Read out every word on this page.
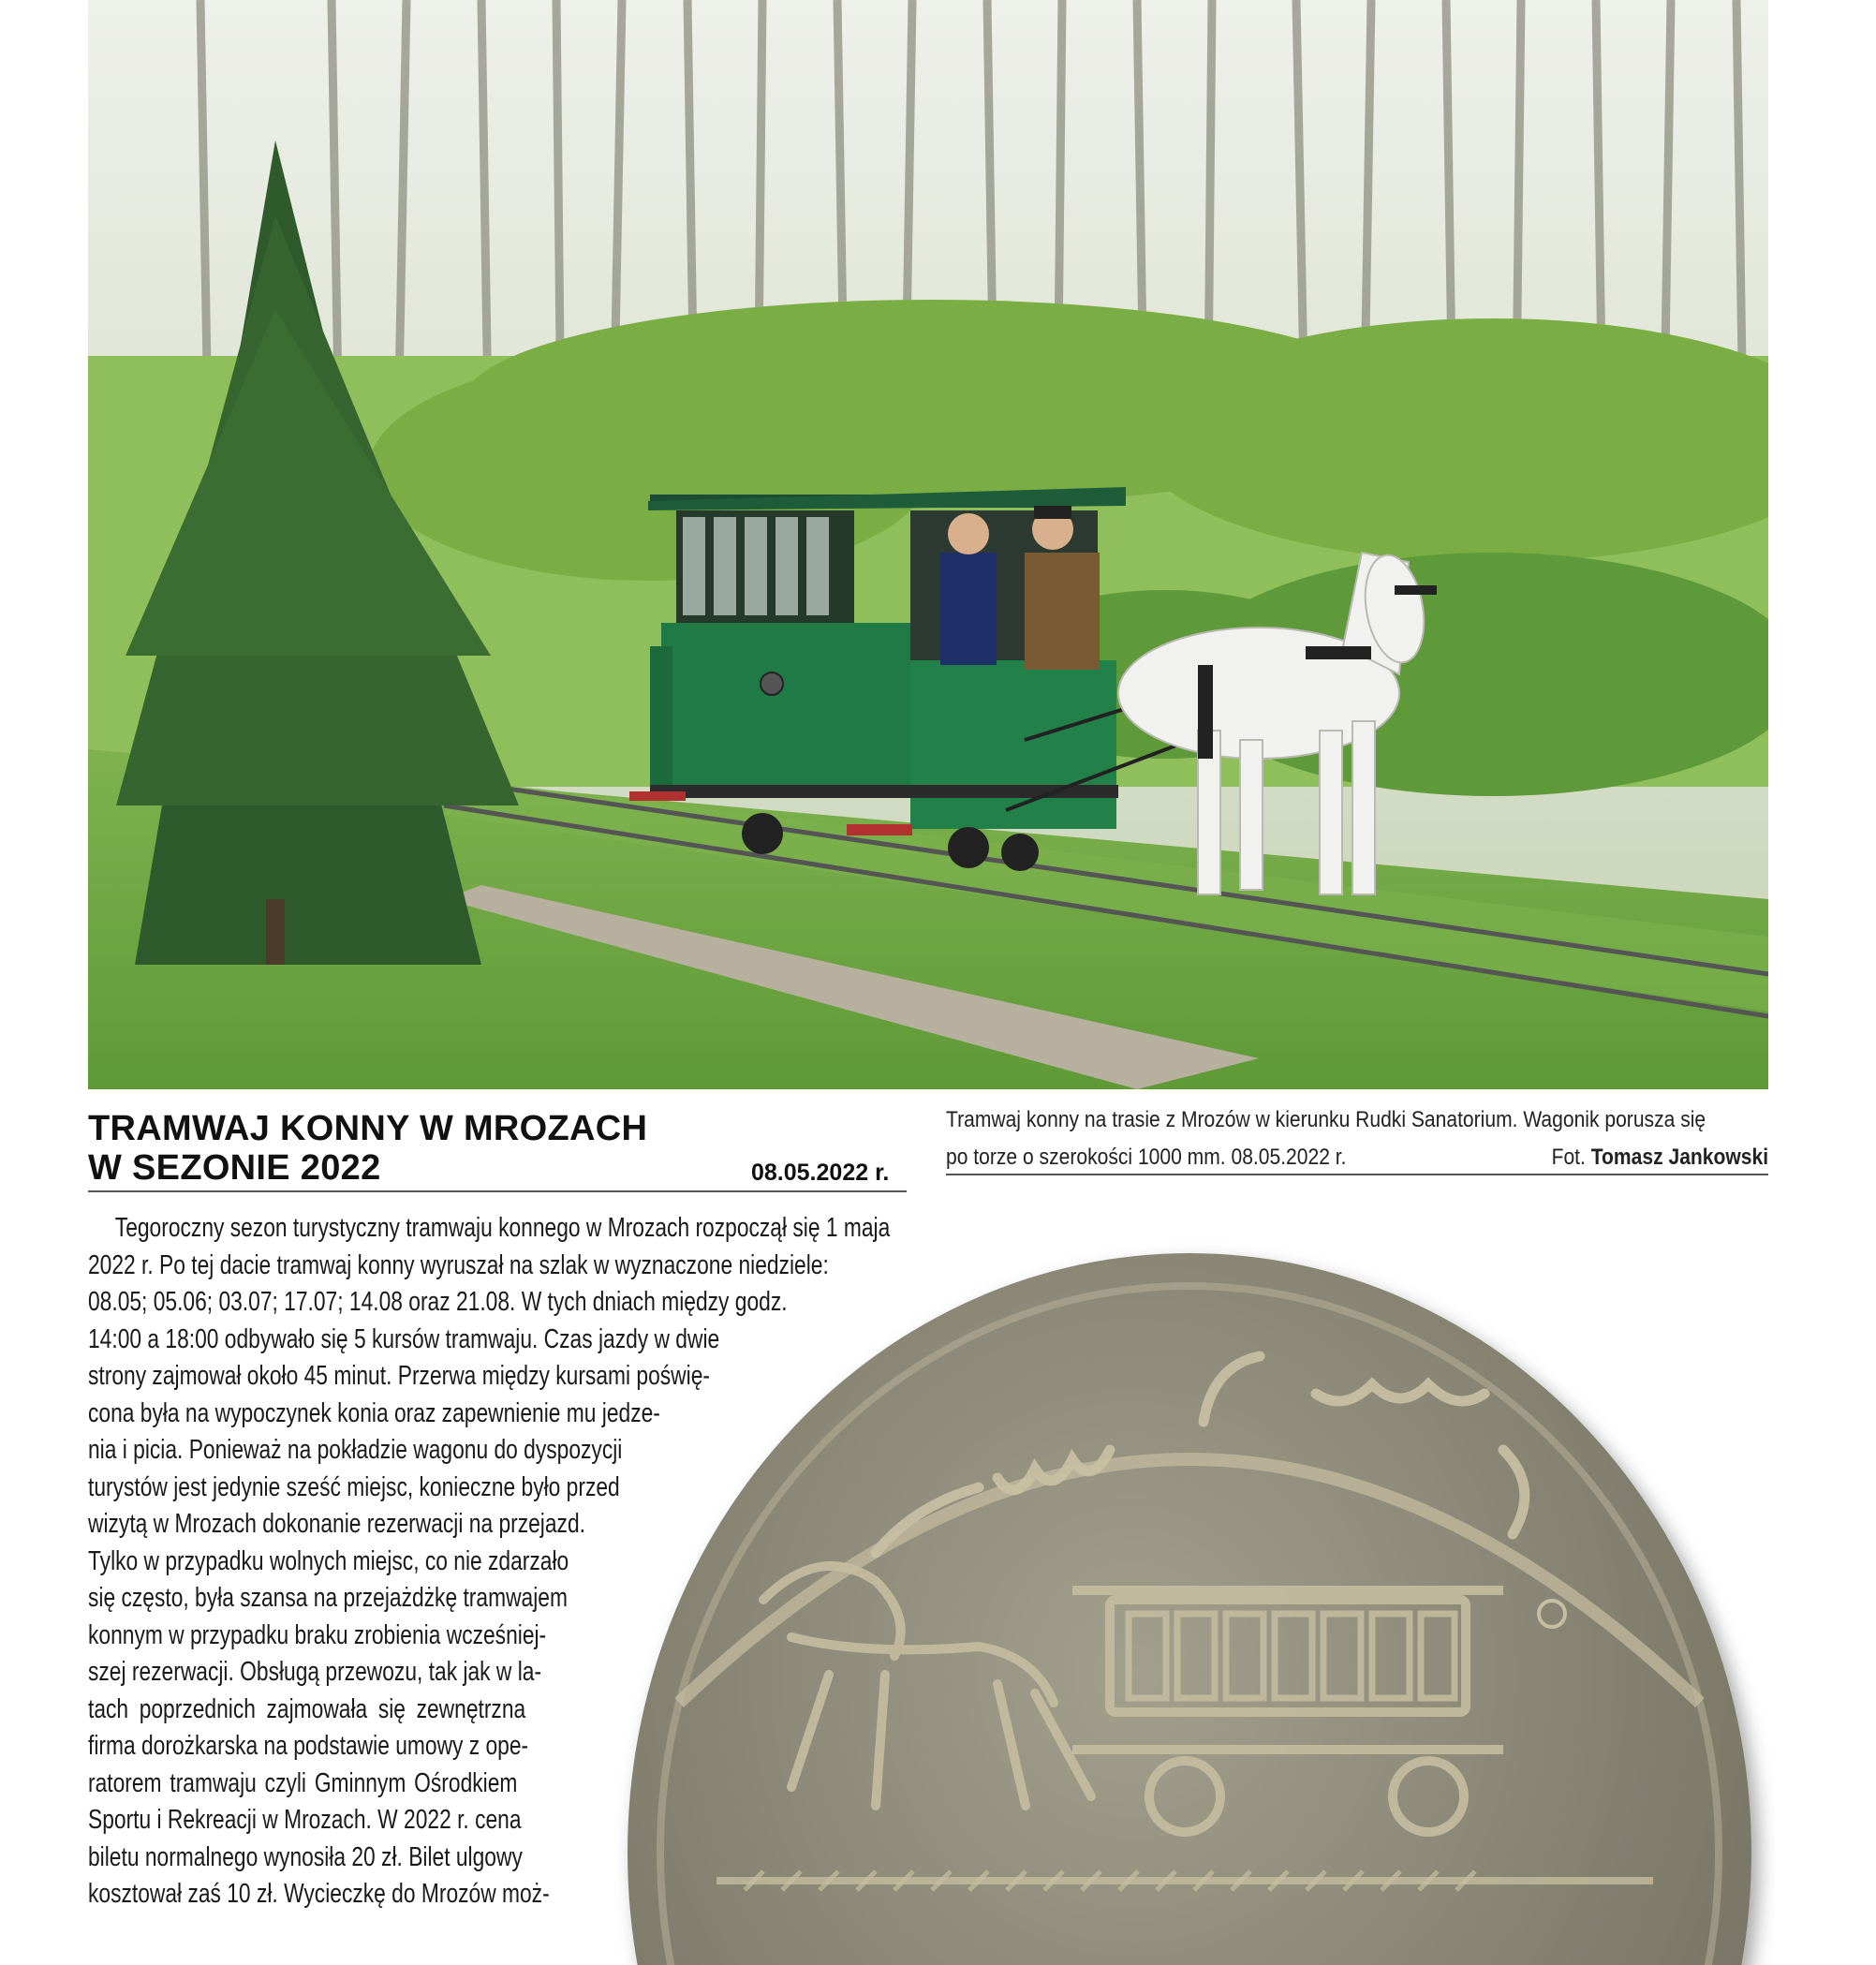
Tramwaj konny na trasie z Mrozów w kierunku Rudki Sanatorium. Wagonik porusza się
po torze o szerokości 1000 mm. 08.05.2022 r.	Fot. Tomasz Jankowski
TRAMWAJ KONNY W MROZACH
W SEZONIE 2022	08.05.2022 r.
Tegoroczny sezon turystyczny tramwaju konnego w Mrozach rozpoczął się 1 maja
2022 r. Po tej dacie tramwaj konny wyruszał na szlak w wyznaczone niedziele:
08.05; 05.06; 03.07; 17.07; 14.08 oraz 21.08. W tych dniach między godz.
14:00 a 18:00 odbywało się 5 kursów tramwaju. Czas jazdy w dwie
strony zajmował około 45 minut. Przerwa między kursami poświę-
cona była na wypoczynek konia oraz zapewnienie mu jedze-
nia i picia. Ponieważ na pokładzie wagonu do dyspozycji
turystów jest jedynie sześć miejsc, konieczne było przed
wizytą w Mrozach dokonanie rezerwacji na przejazd.
Tylko w przypadku wolnych miejsc, co nie zdarzało
się często, była szansa na przejażdżkę tramwajem
konnym w przypadku braku zrobienia wcześniej-
szej rezerwacji. Obsługą przewozu, tak jak w la-
tach poprzednich zajmowała się zewnętrzna
firma dorożkarska na podstawie umowy z ope-
ratorem tramwaju czyli Gminnym Ośrodkiem
Sportu i Rekreacji w Mrozach. W 2022 r. cena
biletu normalnego wynosiła 20 zł. Bilet ulgowy
kosztował zaś 10 zł. Wycieczkę do Mrozów moż-
